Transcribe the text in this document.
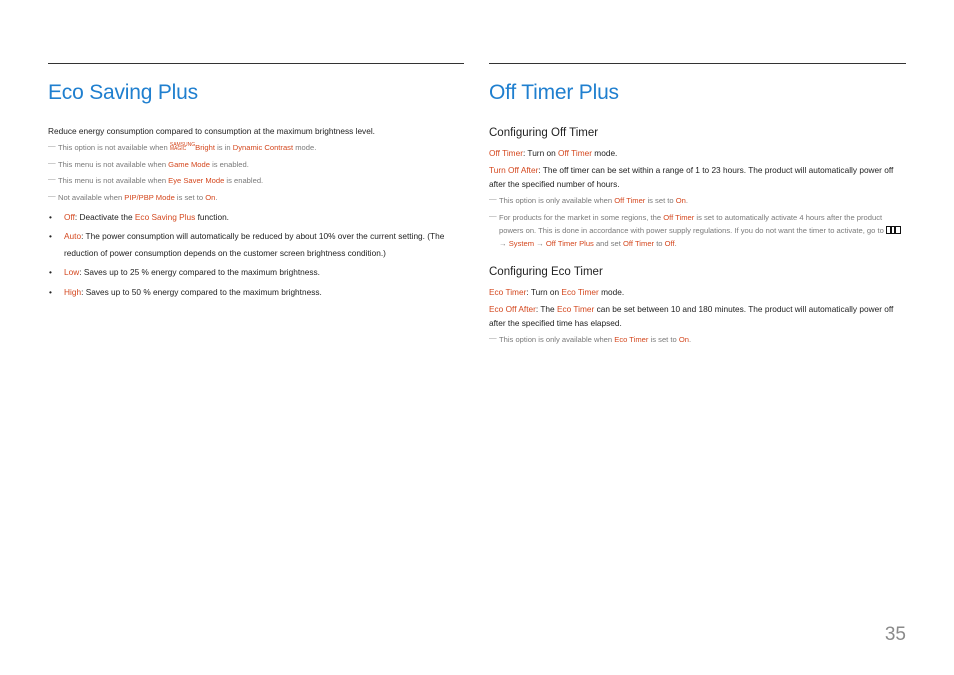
Eco Saving Plus

Reduce energy consumption compared to consumption at the maximum brightness level.

― This option is not available when SAMSUNG
MAGIC Bright is in Dynamic Contrast mode.
― This menu is not available when Game Mode is enabled.
― This menu is not available when Eye Saver Mode is enabled.
― Not available when PIP/PBP Mode is set to On.
• Off: Deactivate the Eco Saving Plus function.
• Auto: The power consumption will automatically be reduced by about 10% over the current setting. (The reduction of power consumption depends on the customer screen brightness condition.)
• Low: Saves up to 25 % energy compared to the maximum brightness.
• High: Saves up to 50 % energy compared to the maximum brightness.
Off Timer Plus
Configuring Off Timer

Off Timer: Turn on Off Timer mode.

Turn Off After: The off timer can be set within a range of 1 to 23 hours. The product will automatically power off after the specified number of hours.

― This option is only available when Off Timer is set to On.
― For products for the market in some regions, the Off Timer is set to automatically activate 4 hours after the product powers on. This is done in accordance with power supply regulations. If you do not want the timer to activate, go to  → System → Off Timer Plus and set Off Timer to Off.
Configuring Eco Timer

Eco Timer: Turn on Eco Timer mode.

Eco Off After: The Eco Timer can be set between 10 and 180 minutes. The product will automatically power off after the specified time has elapsed.

― This option is only available when Eco Timer is set to On.
35
